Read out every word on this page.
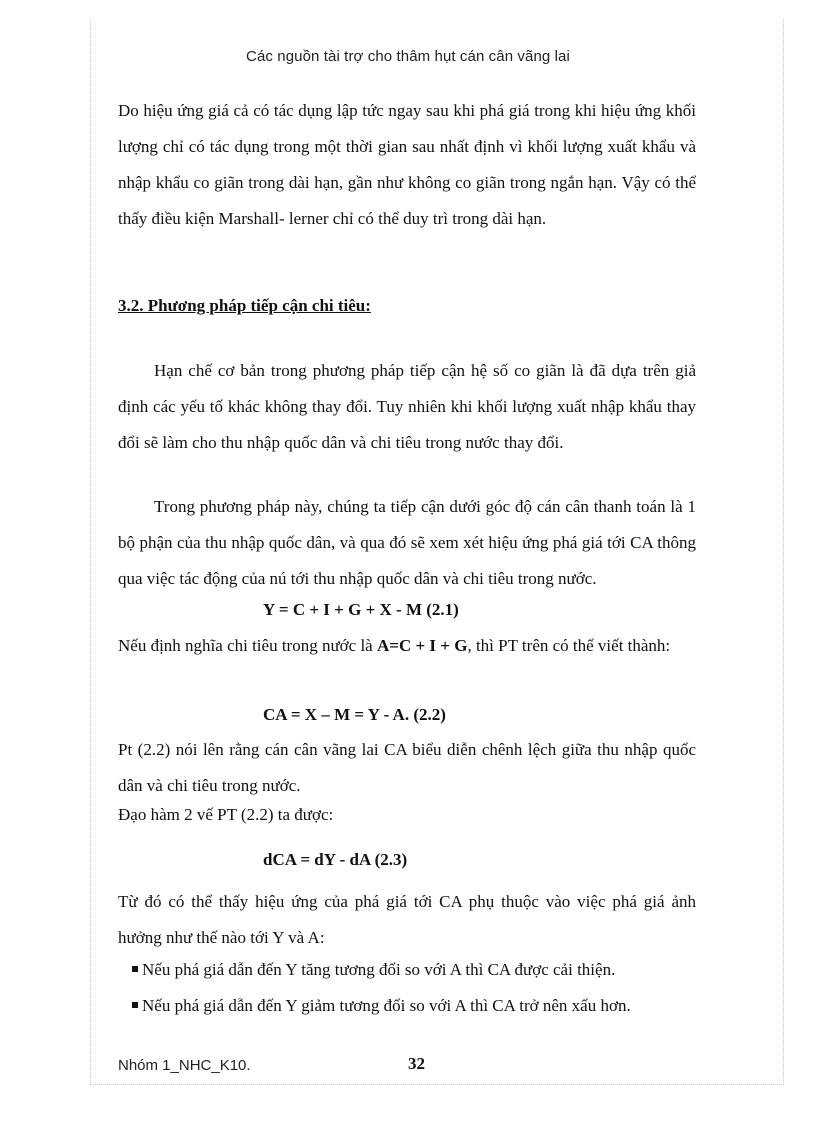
Các nguồn tài trợ cho thâm hụt cán cân vãng lai
Do hiệu ứng giá cả có tác dụng lập tức ngay sau khi phá giá trong khi hiệu ứng khối lượng chỉ có tác dụng trong một thời gian sau nhất định vì khối lượng xuất khẩu và nhập khẩu co giãn trong dài hạn, gần như không co giãn trong ngắn hạn. Vậy có thể thấy điều kiện Marshall- lerner chỉ có thể duy trì trong dài hạn.
3.2. Phương pháp tiếp cận chi tiêu:
Hạn chế cơ bản trong phương pháp tiếp cận hệ số co giãn là đã dựa trên giả định các yếu tố khác không thay đổi. Tuy nhiên khi khối lượng xuất nhập khẩu thay đổi sẽ làm cho thu nhập quốc dân và chi tiêu trong nước thay đổi.
Trong phương pháp này, chúng ta tiếp cận dưới góc độ cán cân thanh toán là 1 bộ phận của thu nhập quốc dân, và qua đó sẽ xem xét hiệu ứng phá giá tới CA thông qua việc tác động của nú tới thu nhập quốc dân và chi tiêu trong nước.
Y = C + I + G + X - M (2.1)
Nếu định nghĩa chi tiêu trong nước là A=C + I + G, thì PT trên có thể viết thành:
CA = X – M = Y - A. (2.2)
Pt (2.2) nói lên rằng cán cân vãng lai CA biểu diễn chênh lệch giữa thu nhập quốc dân và chi tiêu trong nước.
Đạo hàm 2 vế PT (2.2) ta được:
dCA = dY - dA (2.3)
Từ đó có thể thấy hiệu ứng của phá giá tới CA phụ thuộc vào việc phá giá ảnh hưởng như thế nào tới Y và A:
Nếu phá giá dẫn đến Y tăng tương đối so với A thì CA được cải thiện.
Nếu phá giá dẫn đến Y giảm tương đối so với A thì CA trở nên xấu hơn.
Nhóm 1_NHC_K10.	32
